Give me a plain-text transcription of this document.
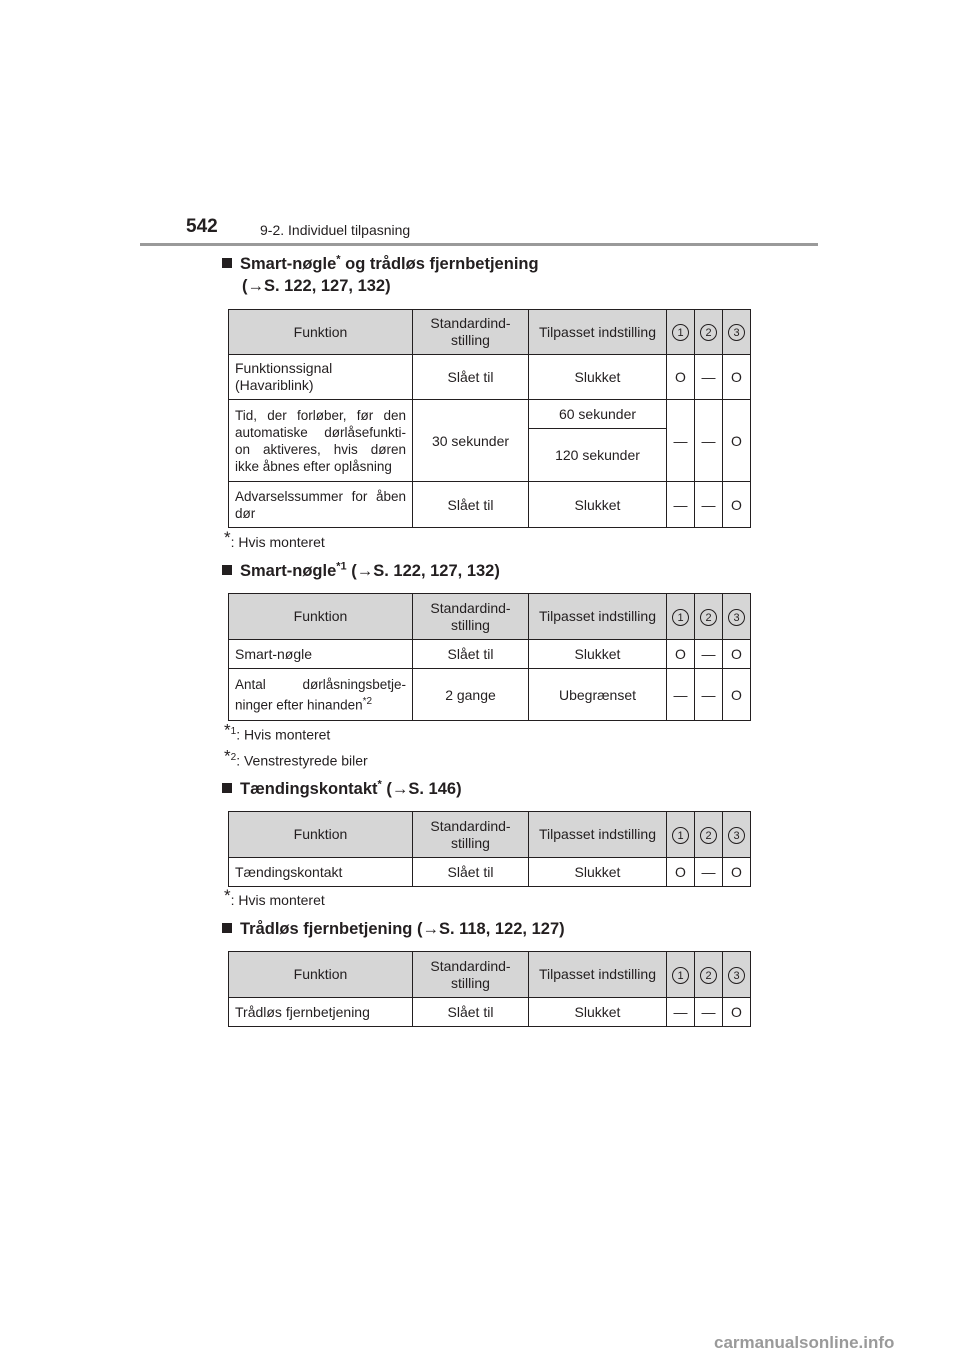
542	9-2. Individuel tilpasning
Smart-nøgle* og trådløs fjernbetjening
(→S. 122, 127, 132)
Funktion	Standardind-stilling	Tilpasset indstilling	1	2	3
Funktionssignal (Havariblink)	Slået til	Slukket	O	—	O
Tid, der forløber, før den automatiske dørlåsefunkti-on aktiveres, hvis døren ikke åbnes efter oplåsning	30 sekunder	60 sekunder	—	—	O
		120 sekunder			
Advarselssummer for åben dør	Slået til	Slukket	—	—	O
*: Hvis monteret
Smart-nøgle$^{*1}$ (→S. 122, 127, 132)
Funktion	Standardind-stilling	Tilpasset indstilling	1	2	3
Smart-nøgle	Slået til	Slukket	O	—	O
Antal dørlåsningsbetje-ninger efter hinanden$^{*2}$	2 gange	Ubegrænset	—	—	O
*$^1$: Hvis monteret
*$^2$: Venstrestyrede biler
Tændingskontakt* (→S. 146)
Funktion	Standardind-stilling	Tilpasset indstilling	1	2	3
Tændingskontakt	Slået til	Slukket	O	—	O
*: Hvis monteret
Trådløs fjernbetjening (→S. 118, 122, 127)
Funktion	Standardind-stilling	Tilpasset indstilling	1	2	3
Trådløs fjernbetjening	Slået til	Slukket	—	—	O
carmanualsonline.info
